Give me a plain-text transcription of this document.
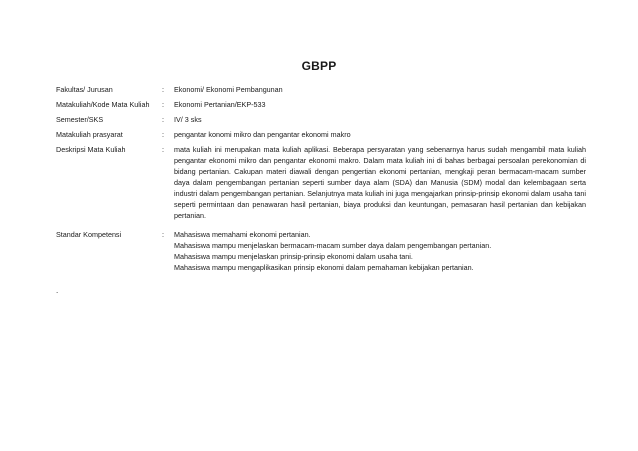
GBPP
Fakultas/ Jurusan	:	Ekonomi/ Ekonomi Pembangunan
Matakuliah/Kode Mata Kuliah	:	Ekonomi Pertanian/EKP-533
Semester/SKS	:	IV/ 3 sks
Matakuliah prasyarat	:	pengantar konomi mikro dan pengantar ekonomi makro
Deskripsi Mata Kuliah	:	mata kuliah ini merupakan mata kuliah aplikasi. Beberapa persyaratan yang sebenarnya harus sudah mengambil mata kuliah pengantar ekonomi mikro dan pengantar ekonomi makro. Dalam mata kuliah ini di bahas berbagai persoalan perekonomian di bidang pertanian. Cakupan materi diawali dengan pengertian ekonomi pertanian, mengkaji peran bermacam-macam sumber daya dalam pengembangan pertanian seperti sumber daya alam (SDA) dan Manusia (SDM) modal dan kelembagaan serta industri dalam pengembangan pertanian. Selanjutnya mata kuliah ini juga mengajarkan prinsip-prinsip ekonomi dalam usaha tani seperti permintaan dan penawaran hasil pertanian, biaya produksi dan keuntungan, pemasaran hasil pertanian dan kebijakan pertanian.
Standar Kompetensi	:	Mahasiswa memahami ekonomi pertanian.
Mahasiswa mampu menjelaskan bermacam-macam sumber daya dalam pengembangan pertanian.
Mahasiswa mampu menjelaskan prinsip-prinsip ekonomi dalam usaha tani.
Mahasiswa mampu mengaplikasikan prinsip ekonomi dalam pemahaman kebijakan pertanian.
.
